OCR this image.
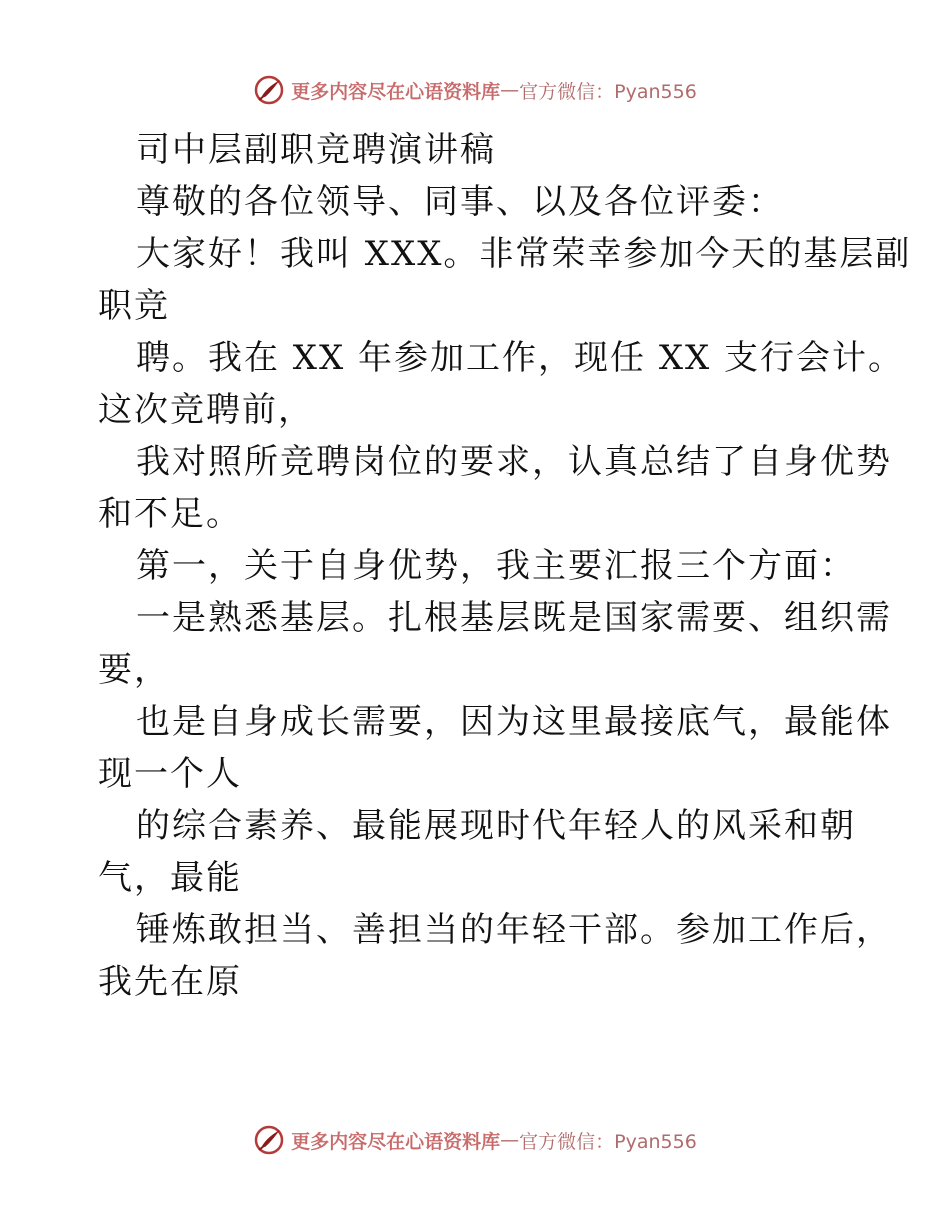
更多内容尽在心语资料库 — 官方微信：Pyan556
司中层副职竞聘演讲稿
尊敬的各位领导、同事、以及各位评委：
大家好！我叫 XXX。非常荣幸参加今天的基层副
职竞
聘。我在 XX 年参加工作，现任 XX 支行会计。
这次竞聘前，
我对照所竞聘岗位的要求，认真总结了自身优势
和不足。
第一，关于自身优势，我主要汇报三个方面：
一是熟悉基层。扎根基层既是国家需要、组织需
要，
也是自身成长需要，因为这里最接底气，最能体
现一个人
的综合素养、最能展现时代年轻人的风采和朝
气，最能
锤炼敢担当、善担当的年轻干部。参加工作后，
我先在原
更多内容尽在心语资料库 — 官方微信：Pyan556
